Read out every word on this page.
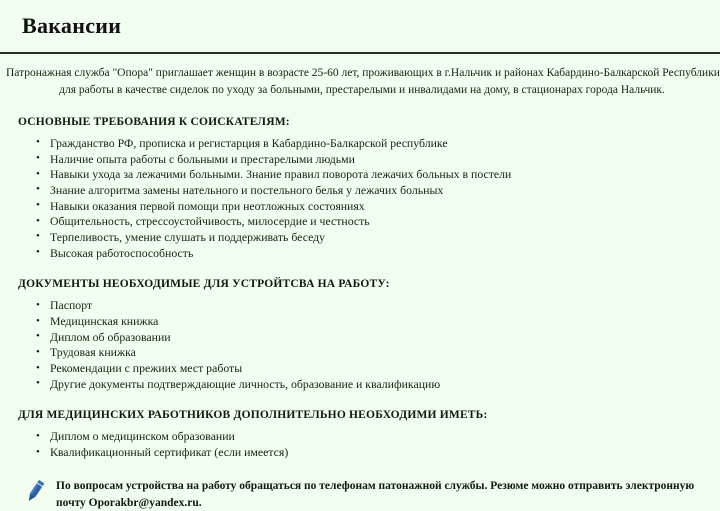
Вакансии
Патронажная служба "Опора" приглашает женщин в возрасте 25-60 лет, проживающих в г.Нальчик и районах Кабардино-Балкарской Республики
для работы в качестве сиделок по уходу за больными, престарелыми и инвалидами на дому, в стационарах города Нальчик.
ОСНОВНЫЕ ТРЕБОВАНИЯ К СОИСКАТЕЛЯМ:
• Гражданство РФ, прописка и регистарция в Кабардино-Балкарской республике
• Наличие опыта работы с больными и престарелыми людьми
• Навыки ухода за лежачими больными. Знание правил поворота лежачих больных в постели
• Знание алгоритма замены нательного и постельного белья у лежачих больных
• Навыки оказания первой помощи при неотложных состояниях
• Общительность, стрессоустойчивость, милосердие и честность
• Терпеливость, умение слушать и поддерживать беседу
• Высокая работоспособность
ДОКУМЕНТЫ НЕОБХОДИМЫЕ ДЛЯ УСТРОЙТСВА НА РАБОТУ:
• Паспорт
• Медицинская книжка
• Диплом об образовании
• Трудовая книжка
• Рекомендации с прежиих мест работы
• Другие документы подтверждающие личность, образование и квалификацию
ДЛЯ МЕДИЦИНСКИХ РАБОТНИКОВ ДОПОЛНИТЕЛЬНО НЕОБХОДИМИ ИМЕТЬ:
• Диплом о медицинском образовании
• Квалификационный сертификат (если имеется)
По вопросам устройства на работу обращаться по телефонам патонажной службы. Резюме можно отправить электронную
почту Oporakbr@yandex.ru.
